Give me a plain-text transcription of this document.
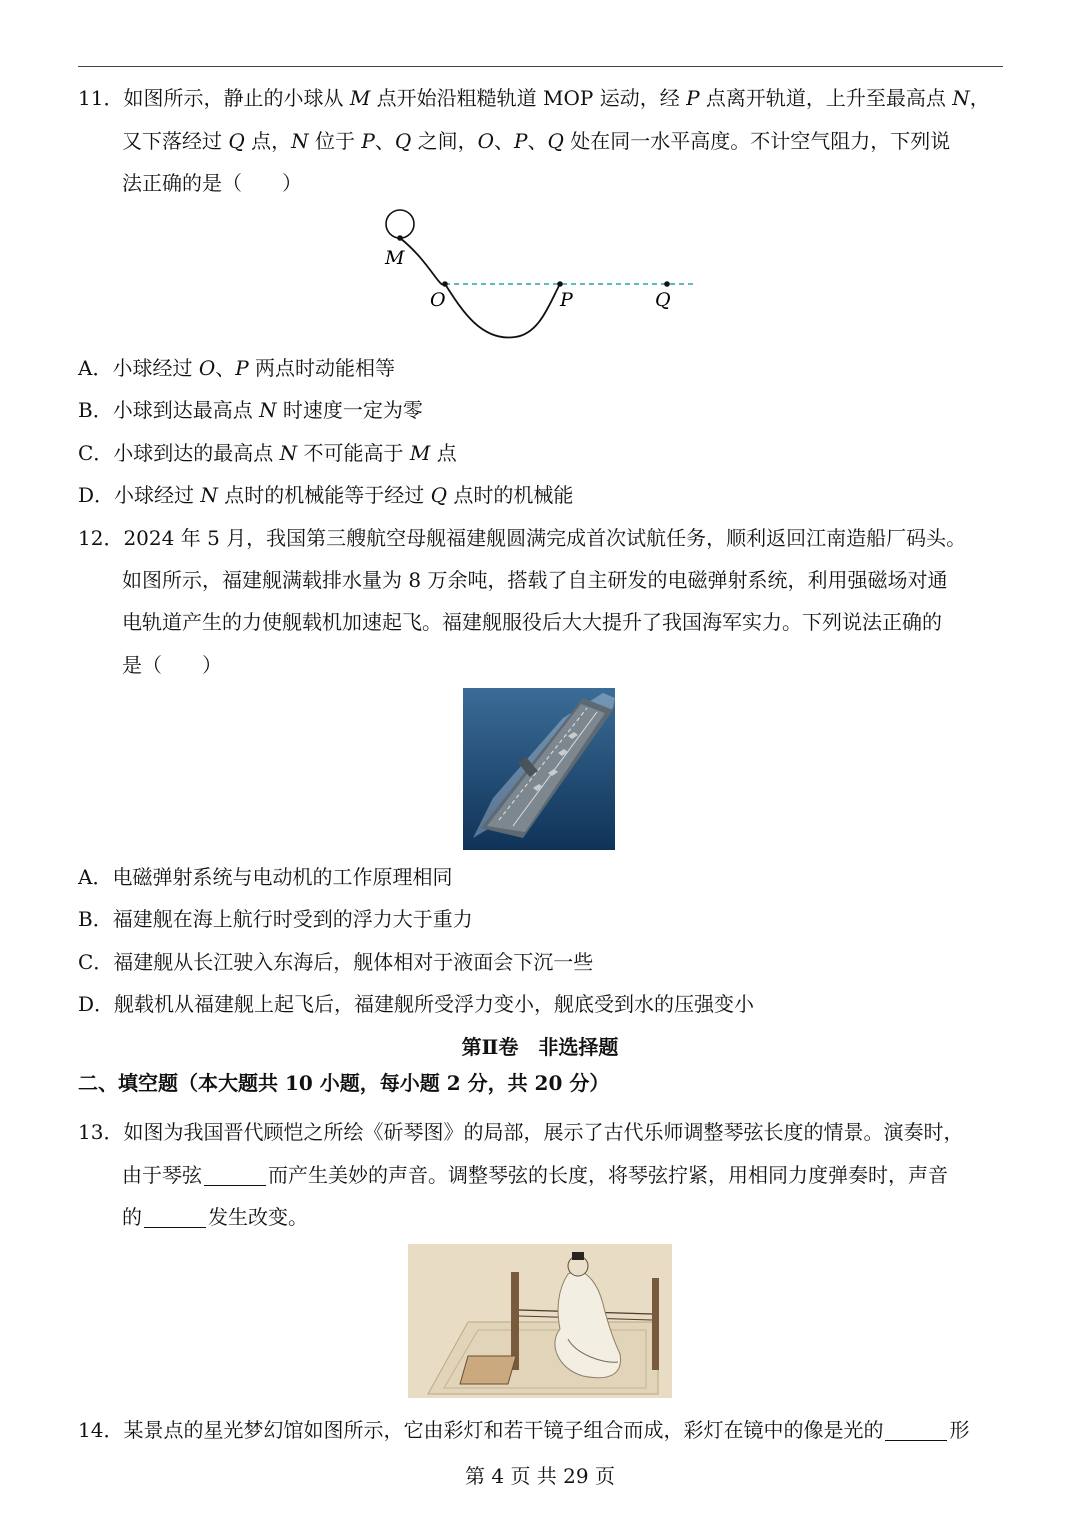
11．如图所示，静止的小球从 M 点开始沿粗糙轨道 MOP 运动，经 P 点离开轨道，上升至最高点 N，
又下落经过 Q 点，N 位于 P、Q 之间，O、P、Q 处在同一水平高度。不计空气阻力，下列说
法正确的是（　　）
M
O	P	Q
A．小球经过 O、P 两点时动能相等
B．小球到达最高点 N 时速度一定为零
C．小球到达的最高点 N 不可能高于 M 点
D．小球经过 N 点时的机械能等于经过 Q 点时的机械能
12．2024 年 5 月，我国第三艘航空母舰福建舰圆满完成首次试航任务，顺利返回江南造船厂码头。
如图所示，福建舰满载排水量为 8 万余吨，搭载了自主研发的电磁弹射系统，利用强磁场对通
电轨道产生的力使舰载机加速起飞。福建舰服役后大大提升了我国海军实力。下列说法正确的
是（　　）
A．电磁弹射系统与电动机的工作原理相同
B．福建舰在海上航行时受到的浮力大于重力
C．福建舰从长江驶入东海后，舰体相对于液面会下沉一些
D．舰载机从福建舰上起飞后，福建舰所受浮力变小，舰底受到水的压强变小
第Ⅱ卷　非选择题
二、填空题（本大题共 10 小题，每小题 2 分，共 20 分）
13．如图为我国晋代顾恺之所绘《斫琴图》的局部，展示了古代乐师调整琴弦长度的情景。演奏时，
由于琴弦	而产生美妙的声音。调整琴弦的长度，将琴弦拧紧，用相同力度弹奏时，声音
的	发生改变。
14．某景点的星光梦幻馆如图所示，它由彩灯和若干镜子组合而成，彩灯在镜中的像是光的	形
第 4 页 共 29 页
